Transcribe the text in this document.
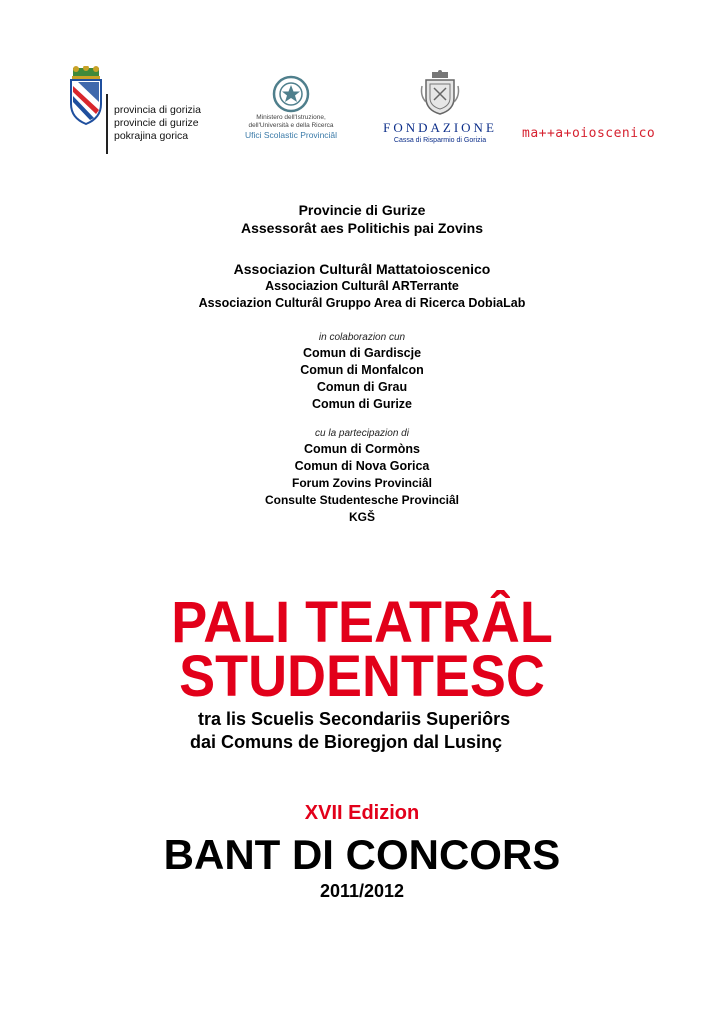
provincia di gorizia
provincie di gurize
pokrajina gorica
Ministero dell'Istruzione,
dell'Università e della Ricerca
Ufici Scolastic Provinciâl	FONDAZIONE
Cassa di Risparmio di Gorizia	ma++a+oioscenico
Provincie di Gurize
Assessorât aes Politichis pai Zovins
Associazion Culturâl Mattatoioscenico
Associazion Culturâl ARTerrante
Associazion Culturâl Gruppo Area di Ricerca DobiaLab
in colaborazion cun
Comun di Gardiscje
Comun di Monfalcon
Comun di Grau
Comun di Gurize
cu la partecipazion di
Comun di Cormòns
Comun di Nova Gorica
Forum Zovins Provinciâl
Consulte Studentesche Provinciâl
KGŠ
PALI TEATRÂL
STUDENTESC
tra lis Scuelis Secondariis Superiôrs
dai Comuns de Bioregjon dal Lusinç
XVII Edizion
BANT DI CONCORS
2011/2012
